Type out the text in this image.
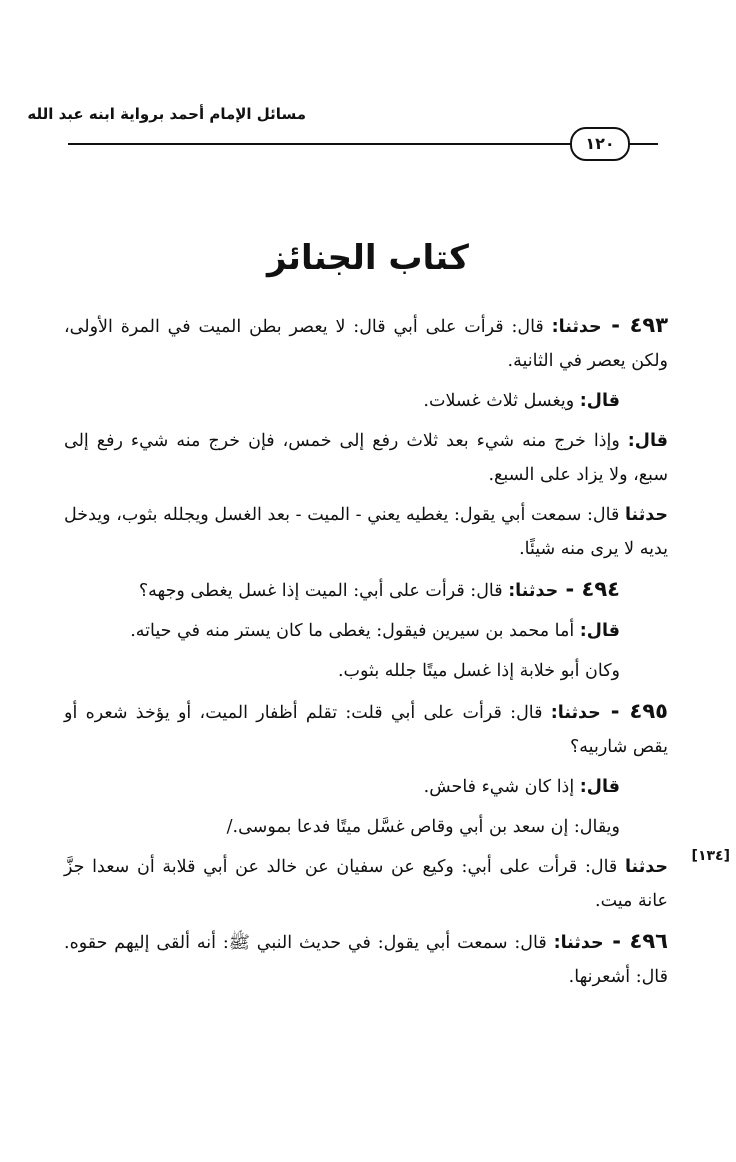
مسائل الإمام أحمد برواية ابنه عبد الله
١٢٠
كتاب الجنائز
[١٣٤]

٤٩٣ - حدثنا: قال: قرأت على أبي قال: لا يعصر بطن الميت في المرة الأولى، ولكن يعصر في الثانية.

قال: ويغسل ثلاث غسلات.

قال: وإذا خرج منه شيء بعد ثلاث رفع إلى خمس، فإن خرج منه شيء رفع إلى سبع، ولا يزاد على السبع.

حدثنا قال: سمعت أبي يقول: يغطيه يعني - الميت - بعد الغسل ويجلله بثوب، ويدخل يديه لا يرى منه شيئًا.

٤٩٤ - حدثنا: قال: قرأت على أبي: الميت إذا غسل يغطى وجهه؟

قال: أما محمد بن سيرين فيقول: يغطى ما كان يستر منه في حياته.

وكان أبو خلابة إذا غسل ميتًا جلله بثوب.

٤٩٥ - حدثنا: قال: قرأت على أبي قلت: تقلم أظفار الميت، أو يؤخذ شعره أو يقص شاربيه؟

قال: إذا كان شيء فاحش.

ويقال: إن سعد بن أبي وقاص غسَّل ميتًا فدعا بموسى./

حدثنا قال: قرأت على أبي: وكيع عن سفيان عن خالد عن أبي قلابة أن سعدا جزَّ عانة ميت.

٤٩٦ - حدثنا: قال: سمعت أبي يقول: في حديث النبي ﷺ: أنه ألقى إليهم حقوه. قال: أشعرنها.
